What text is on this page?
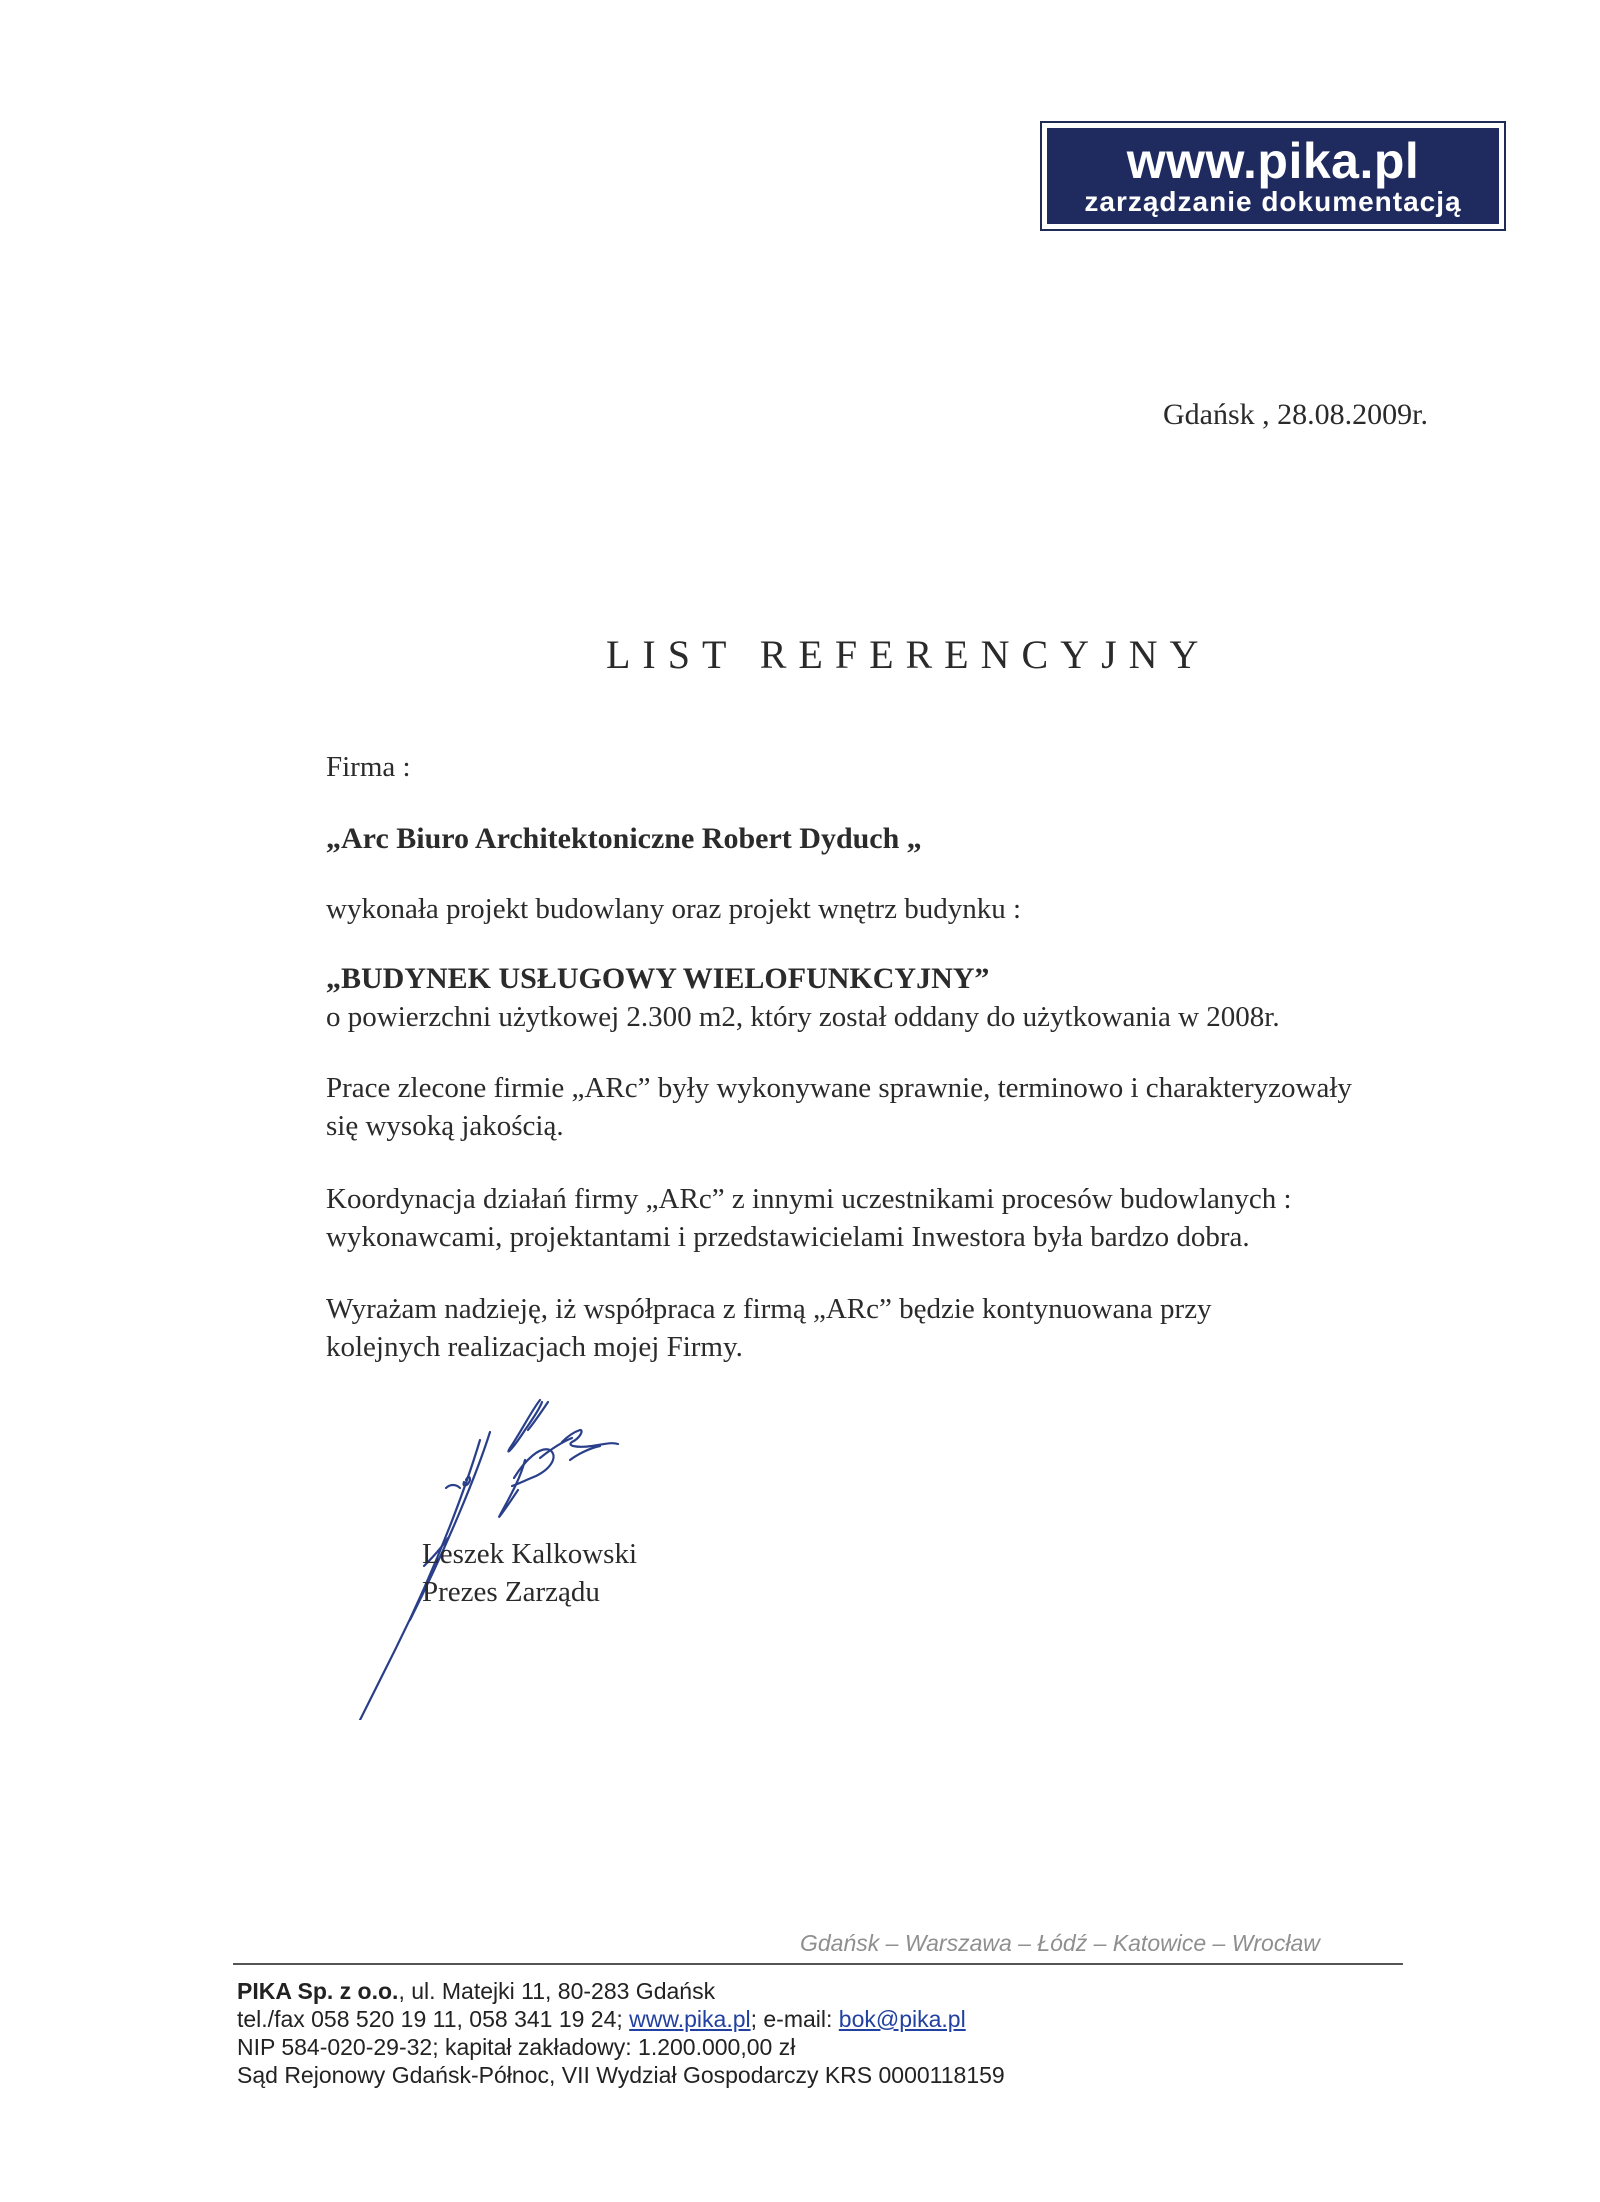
www.pika.pl
zarządzanie dokumentacją
Gdańsk , 28.08.2009r.
LIST REFERENCYJNY
Firma :
„Arc Biuro Architektoniczne Robert Dyduch „
wykonała projekt budowlany oraz projekt wnętrz budynku :
„BUDYNEK USŁUGOWY WIELOFUNKCYJNY”
o powierzchni użytkowej 2.300 m2, który został oddany do użytkowania w 2008r.
Prace zlecone firmie „ARc” były wykonywane sprawnie, terminowo i charakteryzowały
się wysoką jakością.
Koordynacja działań firmy „ARc” z innymi uczestnikami procesów budowlanych :
wykonawcami, projektantami i przedstawicielami Inwestora była bardzo dobra.
Wyrażam nadzieję, iż współpraca z firmą „ARc” będzie kontynuowana przy
kolejnych realizacjach mojej Firmy.
Leszek Kalkowski
Prezes Zarządu
Gdańsk – Warszawa – Łódź – Katowice – Wrocław
PIKA Sp. z o.o., ul. Matejki 11, 80-283 Gdańsk
tel./fax 058 520 19 11, 058 341 19 24; www.pika.pl; e-mail: bok@pika.pl
NIP 584-020-29-32; kapitał zakładowy: 1.200.000,00 zł
Sąd Rejonowy Gdańsk-Północ, VII Wydział Gospodarczy KRS 0000118159
